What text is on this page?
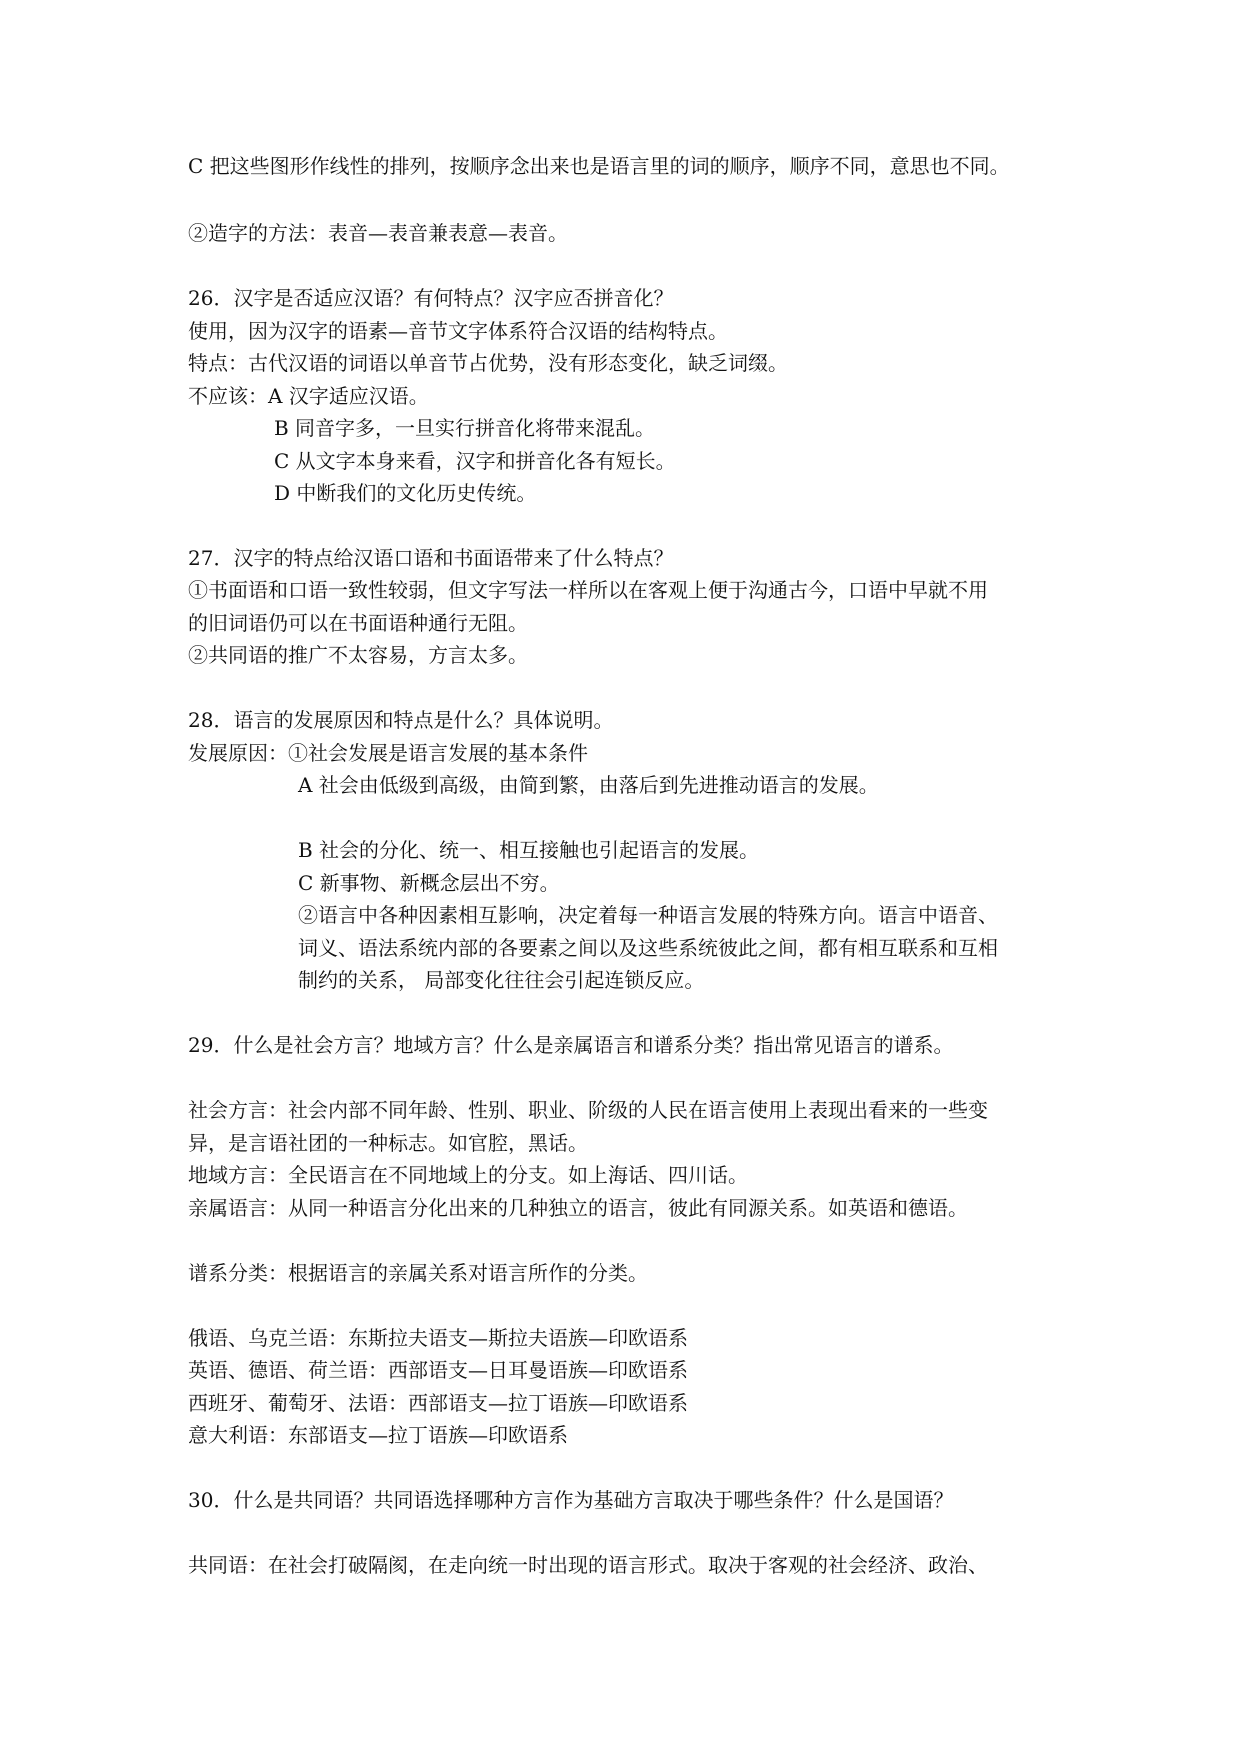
C 把这些图形作线性的排列，按顺序念出来也是语言里的词的顺序，顺序不同，意思也不同。
②造字的方法：表音—表音兼表意—表音。
26．汉字是否适应汉语？有何特点？汉字应否拼音化？
使用，因为汉字的语素—音节文字体系符合汉语的结构特点。
特点：古代汉语的词语以单音节占优势，没有形态变化，缺乏词缀。
不应该：A 汉字适应汉语。
B 同音字多，一旦实行拼音化将带来混乱。
C 从文字本身来看，汉字和拼音化各有短长。
D 中断我们的文化历史传统。
27．汉字的特点给汉语口语和书面语带来了什么特点？
①书面语和口语一致性较弱，但文字写法一样所以在客观上便于沟通古今，口语中早就不用
的旧词语仍可以在书面语种通行无阻。
②共同语的推广不太容易，方言太多。
28．语言的发展原因和特点是什么？具体说明。
发展原因：①社会发展是语言发展的基本条件
A 社会由低级到高级，由简到繁，由落后到先进推动语言的发展。
B 社会的分化、统一、相互接触也引起语言的发展。
C 新事物、新概念层出不穷。
②语言中各种因素相互影响，决定着每一种语言发展的特殊方向。语言中语音、
词义、语法系统内部的各要素之间以及这些系统彼此之间，都有相互联系和互相
制约的关系， 局部变化往往会引起连锁反应。
29．什么是社会方言？地域方言？什么是亲属语言和谱系分类？指出常见语言的谱系。
社会方言：社会内部不同年龄、性别、职业、阶级的人民在语言使用上表现出看来的一些变
异，是言语社团的一种标志。如官腔，黑话。
地域方言：全民语言在不同地域上的分支。如上海话、四川话。
亲属语言：从同一种语言分化出来的几种独立的语言，彼此有同源关系。如英语和德语。
谱系分类：根据语言的亲属关系对语言所作的分类。
俄语、乌克兰语：东斯拉夫语支—斯拉夫语族—印欧语系
英语、德语、荷兰语：西部语支—日耳曼语族—印欧语系
西班牙、葡萄牙、法语：西部语支—拉丁语族—印欧语系
意大利语：东部语支—拉丁语族—印欧语系
30．什么是共同语？共同语选择哪种方言作为基础方言取决于哪些条件？什么是国语？
共同语：在社会打破隔阂，在走向统一时出现的语言形式。取决于客观的社会经济、政治、
